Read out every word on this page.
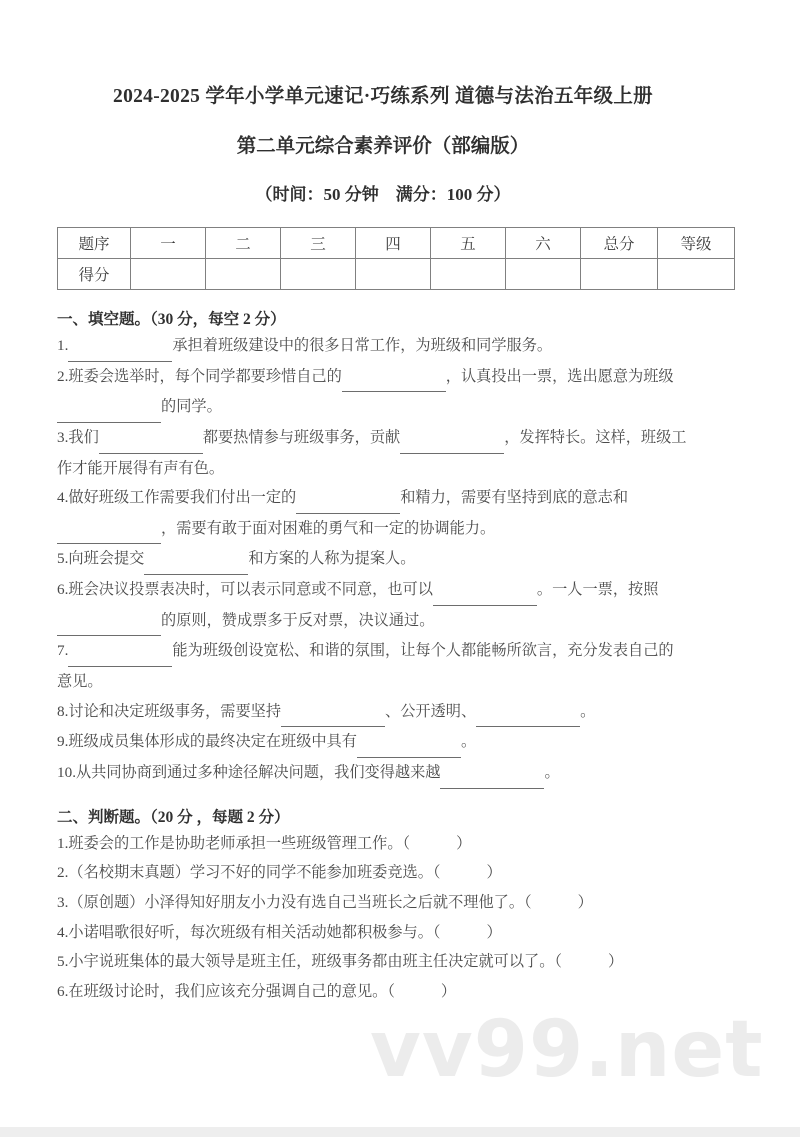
vv99.net
2024-2025 学年小学单元速记·巧练系列 道德与法治五年级上册
第二单元综合素养评价（部编版）
（时间：50 分钟　满分：100 分）
题序	一	二	三	四	五	六	总分	等级
得分								
一、填空题。（30 分，每空 2 分）
1.	承担着班级建设中的很多日常工作，为班级和同学服务。
2.班委会选举时，每个同学都要珍惜自己的	，认真投出一票，选出愿意为班级
的同学。
3.我们	都要热情参与班级事务，贡献	，发挥特长。这样，班级工
作才能开展得有声有色。
4.做好班级工作需要我们付出一定的	和精力，需要有坚持到底的意志和
，需要有敢于面对困难的勇气和一定的协调能力。
5.向班会提交	和方案的人称为提案人。
6.班会决议投票表决时，可以表示同意或不同意，也可以	。一人一票，按照
的原则，赞成票多于反对票，决议通过。
7.	能为班级创设宽松、和谐的氛围，让每个人都能畅所欲言，充分发表自己的
意见。
8.讨论和决定班级事务，需要坚持	、公开透明、	。
9.班级成员集体形成的最终决定在班级中具有	。
10.从共同协商到通过多种途径解决问题，我们变得越来越	。
二、判断题。（20 分 ，每题 2 分）
1.班委会的工作是协助老师承担一些班级管理工作。（	）
2.（名校期末真题）学习不好的同学不能参加班委竞选。（	）
3.（原创题）小泽得知好朋友小力没有选自己当班长之后就不理他了。（	）
4.小诺唱歌很好听，每次班级有相关活动她都积极参与。（	）
5.小宇说班集体的最大领导是班主任，班级事务都由班主任决定就可以了。（	）
6.在班级讨论时，我们应该充分强调自己的意见。（	）
